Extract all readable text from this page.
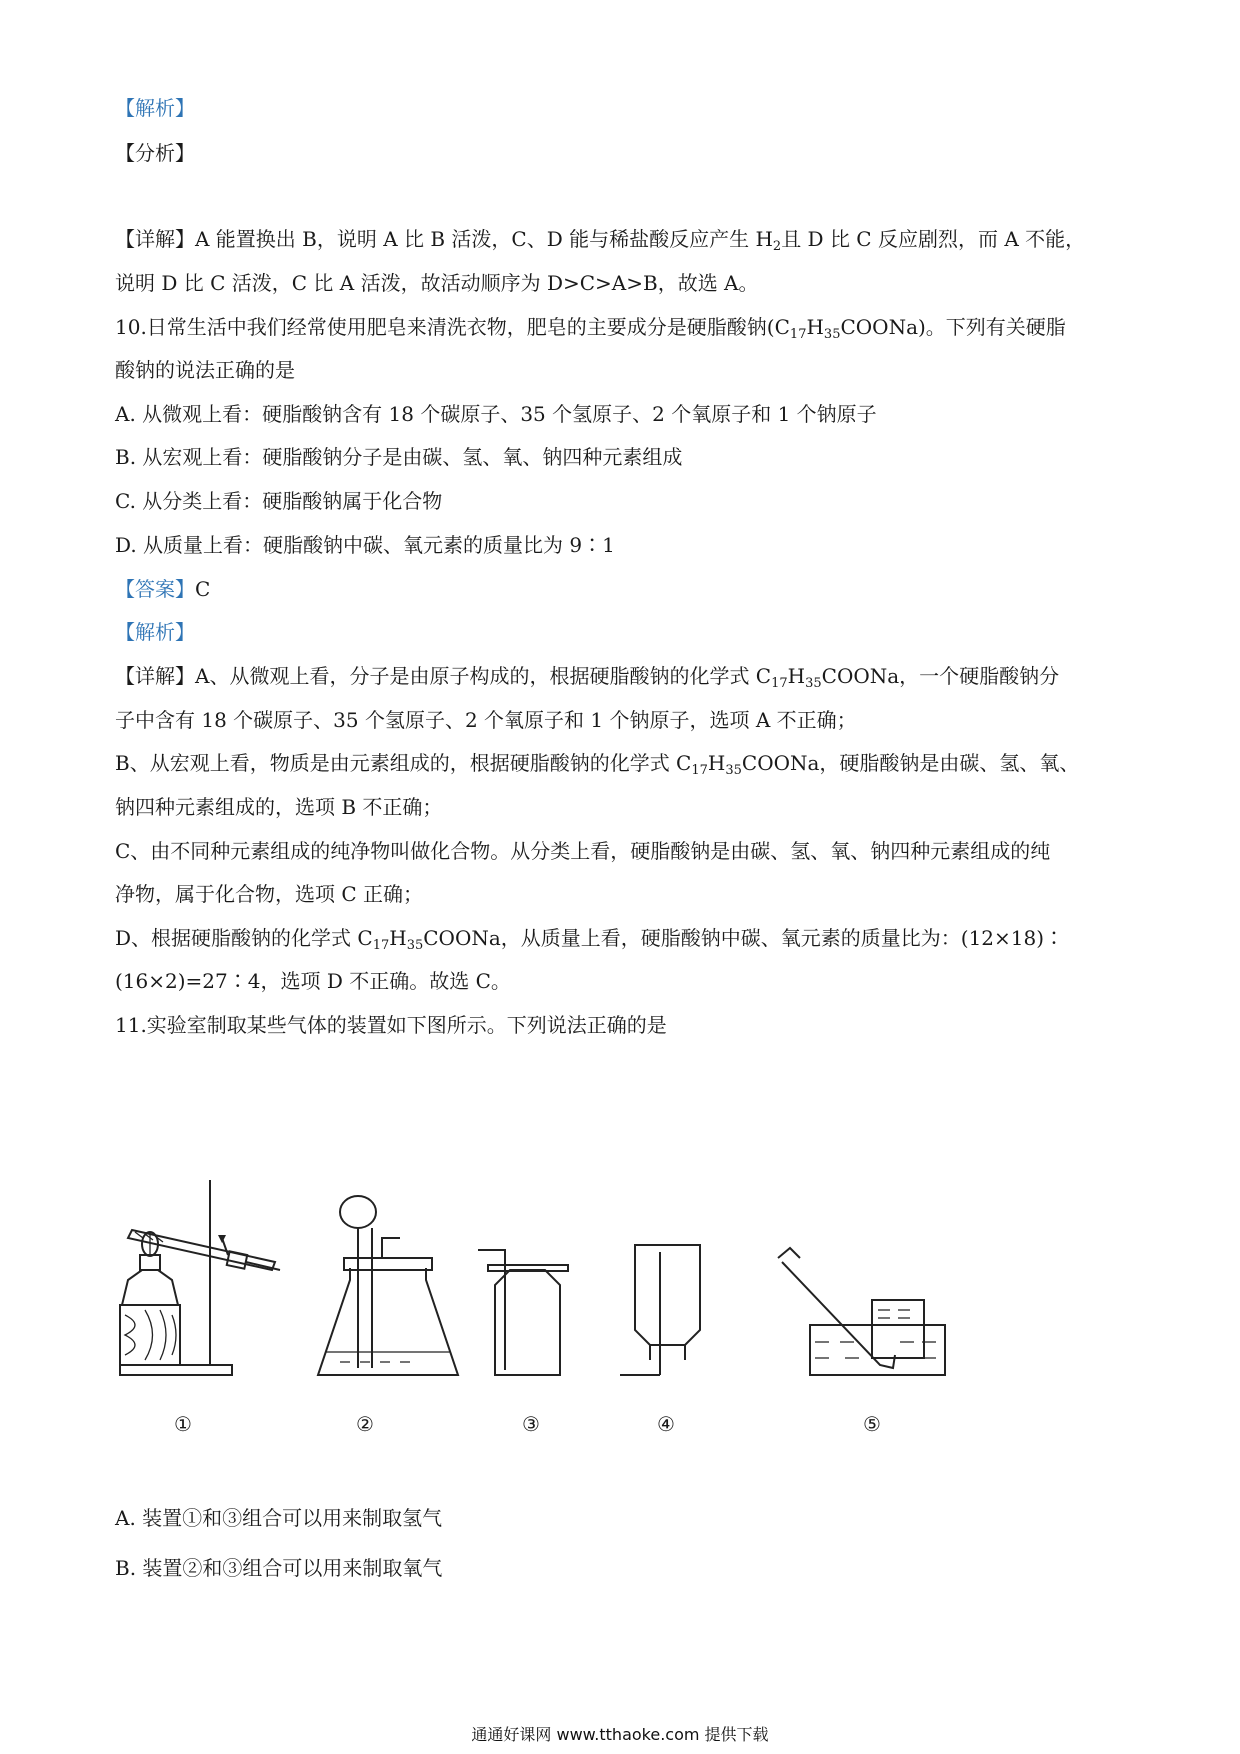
【解析】
【分析】
【详解】A 能置换出 B，说明 A 比 B 活泼，C、D 能与稀盐酸反应产生 $H_2$且 D 比 C 反应剧烈，而 A 不能，
说明 D 比 C 活泼，C 比 A 活泼，故活动顺序为 D>C>A>B，故选 A。
10.日常生活中我们经常使用肥皂来清洗衣物，肥皂的主要成分是硬脂酸钠$(C_{17}H_{35}COONa)$。下列有关硬脂
酸钠的说法正确的是
A. 从微观上看：硬脂酸钠含有 18 个碳原子、35 个氢原子、2 个氧原子和 1 个钠原子
B. 从宏观上看：硬脂酸钠分子是由碳、氢、氧、钠四种元素组成
C. 从分类上看：硬脂酸钠属于化合物
D. 从质量上看：硬脂酸钠中碳、氧元素的质量比为 9∶1
【答案】C
【解析】
【详解】A、从微观上看，分子是由原子构成的，根据硬脂酸钠的化学式 $C_{17}H_{35}COONa$，一个硬脂酸钠分
子中含有 18 个碳原子、35 个氢原子、2 个氧原子和 1 个钠原子，选项 A 不正确；
B、从宏观上看，物质是由元素组成的，根据硬脂酸钠的化学式 $C_{17}H_{35}COONa$，硬脂酸钠是由碳、氢、氧、
钠四种元素组成的，选项 B 不正确；
C、由不同种元素组成的纯净物叫做化合物。从分类上看，硬脂酸钠是由碳、氢、氧、钠四种元素组成的纯
净物，属于化合物，选项 C 正确；
D、根据硬脂酸钠的化学式 $C_{17}H_{35}COONa$，从质量上看，硬脂酸钠中碳、氧元素的质量比为：(12×18)∶
(16×2)=27∶4，选项 D 不正确。故选 C。
11.实验室制取某些气体的装置如下图所示。下列说法正确的是
①	②	③	④	⑤
A. 装置①和③组合可以用来制取氢气
B. 装置②和③组合可以用来制取氧气
通通好课网 www.tthaoke.com 提供下载
